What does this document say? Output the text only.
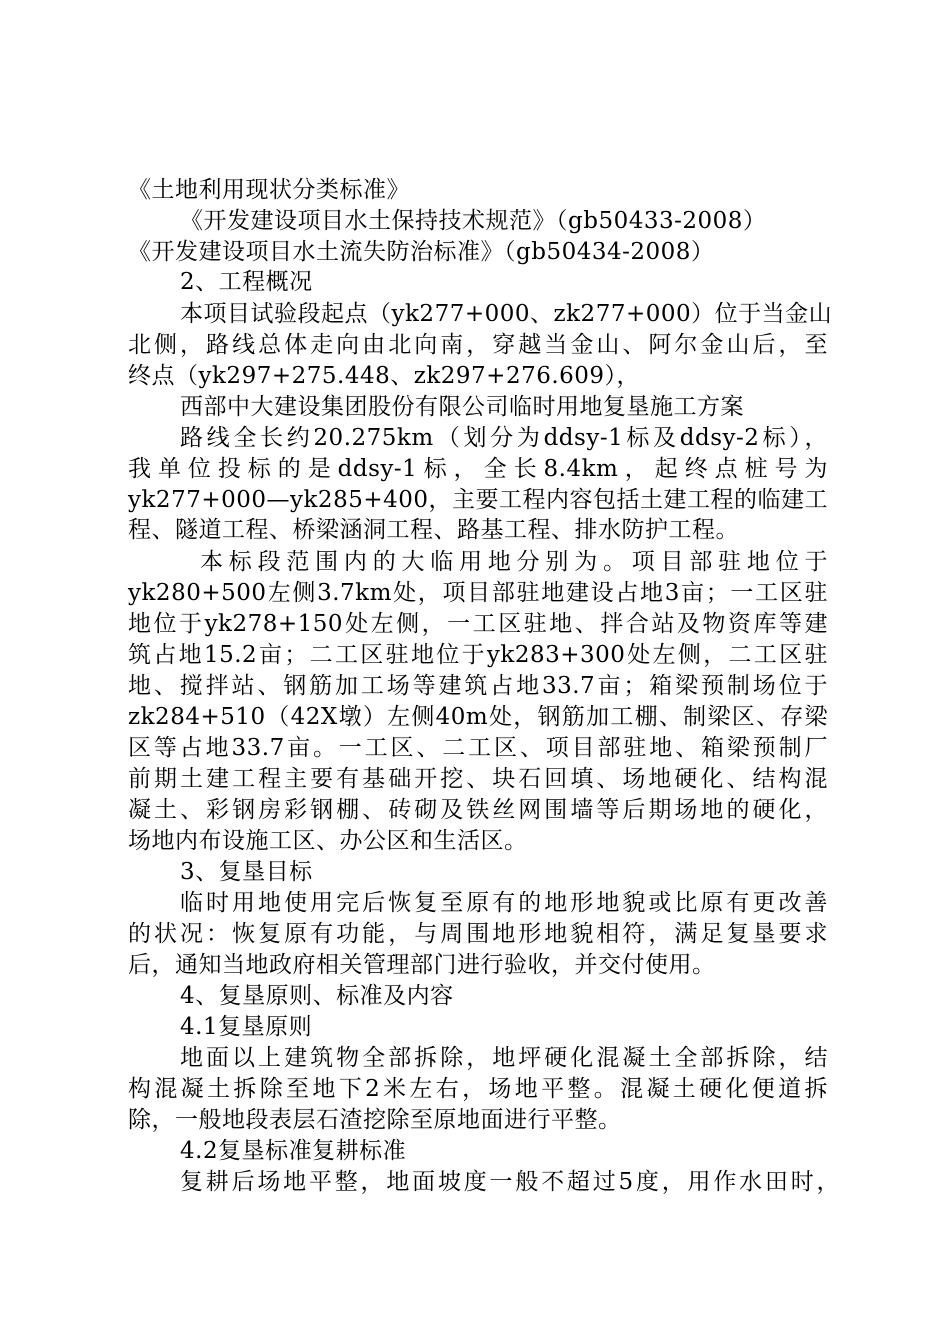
《土地利用现状分类标准》
《开发建设项目水土保持技术规范》（gb50433-2008）
《开发建设项目水土流失防治标准》（gb50434-2008）
2、工程概况
本项目试验段起点（yk277+000、zk277+000）位于当金山
北侧，路线总体走向由北向南，穿越当金山、阿尔金山后，至
终点（yk297+275.448、zk297+276.609），
西部中大建设集团股份有限公司临时用地复垦施工方案
路线全长约20.275km（划分为ddsy-1标及ddsy-2标），
我单位投标的是ddsy-1标，全长8.4km，起终点桩号为
yk277+000—yk285+400，主要工程内容包括土建工程的临建工
程、隧道工程、桥梁涵洞工程、路基工程、排水防护工程。
本标段范围内的大临用地分别为。项目部驻地位于
yk280+500左侧3.7km处，项目部驻地建设占地3亩；一工区驻
地位于yk278+150处左侧，一工区驻地、拌合站及物资库等建
筑占地15.2亩；二工区驻地位于yk283+300处左侧，二工区驻
地、搅拌站、钢筋加工场等建筑占地33.7亩；箱梁预制场位于
zk284+510（42X墩）左侧40m处，钢筋加工棚、制梁区、存梁
区等占地33.7亩。一工区、二工区、项目部驻地、箱梁预制厂
前期土建工程主要有基础开挖、块石回填、场地硬化、结构混
凝土、彩钢房彩钢棚、砖砌及铁丝网围墙等后期场地的硬化，
场地内布设施工区、办公区和生活区。
3、复垦目标
临时用地使用完后恢复至原有的地形地貌或比原有更改善
的状况：恢复原有功能，与周围地形地貌相符，满足复垦要求
后，通知当地政府相关管理部门进行验收，并交付使用。
4、复垦原则、标准及内容
4.1复垦原则
地面以上建筑物全部拆除，地坪硬化混凝土全部拆除，结
构混凝土拆除至地下2米左右，场地平整。混凝土硬化便道拆
除，一般地段表层石渣挖除至原地面进行平整。
4.2复垦标准复耕标准
复耕后场地平整，地面坡度一般不超过5度，用作水田时，
